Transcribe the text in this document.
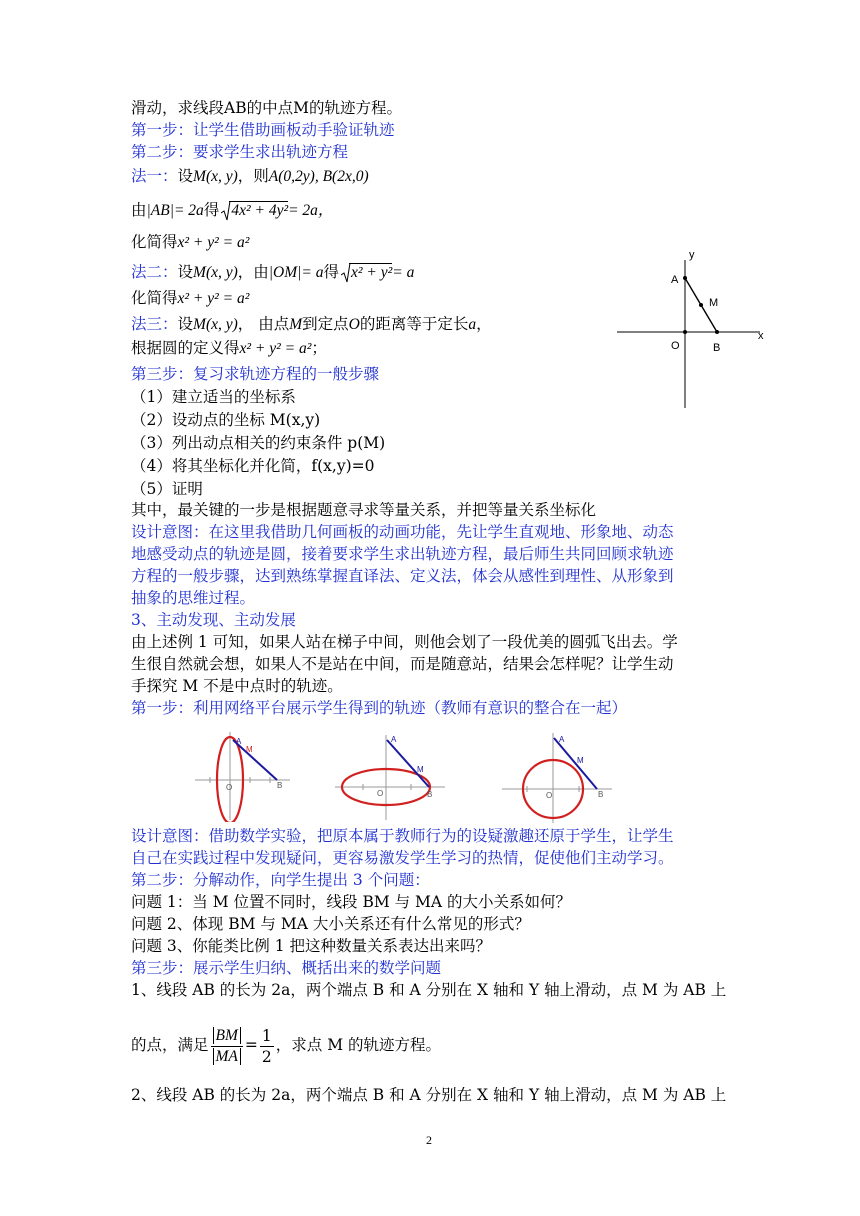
滑动，求线段AB的中点M的轨迹方程。
第一步：让学生借助画板动手验证轨迹
第二步：要求学生求出轨迹方程
法一：设M(x, y)，则A(0,2y), B(2x,0)
由|AB|= 2a得 4x² + 4y²= 2a，
化简得x² + y² = a²
法二：设M(x, y)，由|OM|= a得 x² + y²= a
化简得x² + y² = a²
法三：设M(x, y)， 由点M到定点O的距离等于定长a，
根据圆的定义得x² + y² = a²；
第三步：复习求轨迹方程的一般步骤
（1）建立适当的坐标系
（2）设动点的坐标 M(x,y)
（3）列出动点相关的约束条件 p(M)
（4）将其坐标化并化简，f(x,y)=0
（5）证明
其中，最关键的一步是根据题意寻求等量关系，并把等量关系坐标化
设计意图：在这里我借助几何画板的动画功能，先让学生直观地、形象地、动态
地感受动点的轨迹是圆，接着要求学生求出轨迹方程，最后师生共同回顾求轨迹
方程的一般步骤，达到熟练掌握直译法、定义法，体会从感性到理性、从形象到
抽象的思维过程。
3、主动发现、主动发展
由上述例 1 可知，如果人站在梯子中间，则他会划了一段优美的圆弧飞出去。学
生很自然就会想，如果人不是站在中间，而是随意站，结果会怎样呢？让学生动
手探究 M 不是中点时的轨迹。
第一步：利用网络平台展示学生得到的轨迹（教师有意识的整合在一起）
设计意图：借助数学实验，把原本属于教师行为的设疑激趣还原于学生，让学生
自己在实践过程中发现疑问，更容易激发学生学习的热情，促使他们主动学习。
第二步：分解动作，向学生提出 3 个问题：
问题 1：当 M 位置不同时，线段 BM 与 MA 的大小关系如何？
问题 2、体现 BM 与 MA 大小关系还有什么常见的形式？
问题 3、你能类比例 1 把这种数量关系表达出来吗？
第三步：展示学生归纳、概括出来的数学问题
1、线段 AB 的长为 2a，两个端点 B 和 A 分别在 X 轴和 Y 轴上滑动，点 M 为 AB 上
的点，满足 $\frac{BM}{MA} = \frac{1}{2}$ ，求点 M 的轨迹方程。
2、线段 AB 的长为 2a，两个端点 B 和 A 分别在 X 轴和 Y 轴上滑动，点 M 为 AB 上
y
x
A
M
O	B
A
M
O	B
A
M
O	B
A
M
O	B
2
